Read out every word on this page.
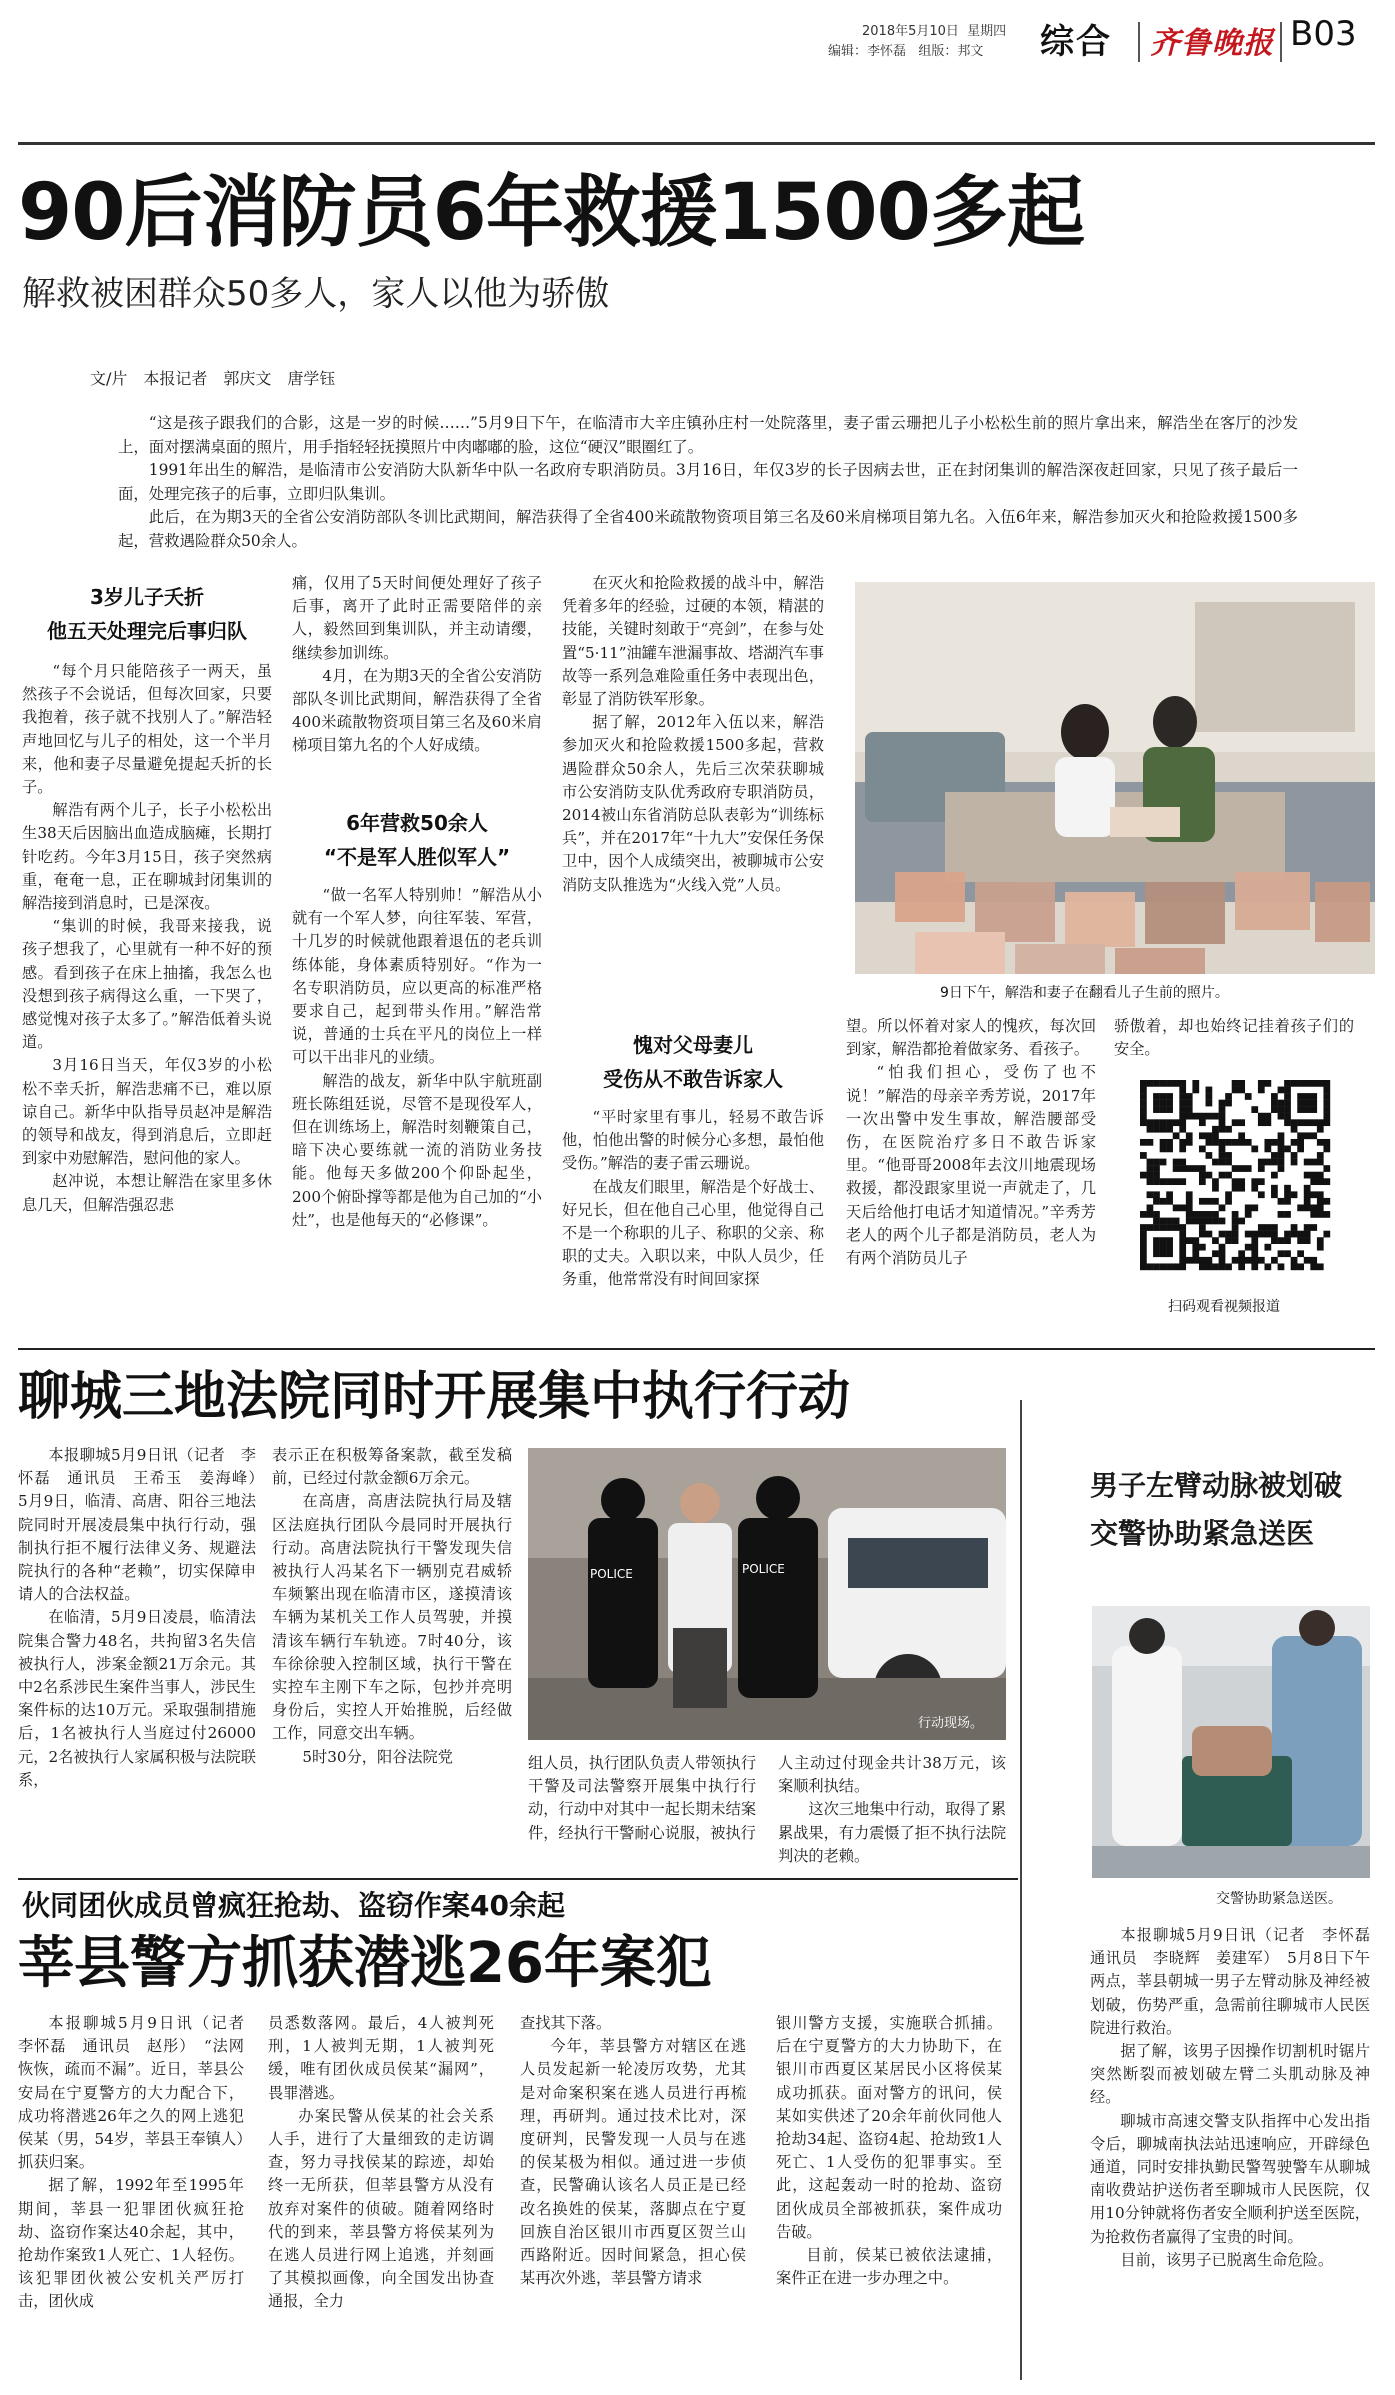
2018年5月10日 星期四
编辑：李怀磊 组版：邦文 综合 齐鲁晚报 B03
90后消防员6年救援1500多起
解救被困群众50多人，家人以他为骄傲
文/片　本报记者　郭庆文　唐学钰

“这是孩子跟我们的合影，这是一岁的时候……”5月9日下午，在临清市大辛庄镇孙庄村一处院落里，妻子雷云珊把儿子小松松生前的照片拿出来，解浩坐在客厅的沙发上，面对摆满桌面的照片，用手指轻轻抚摸照片中肉嘟嘟的脸，这位“硬汉”眼圈红了。

1991年出生的解浩，是临清市公安消防大队新华中队一名政府专职消防员。3月16日，年仅3岁的长子因病去世，正在封闭集训的解浩深夜赶回家，只见了孩子最后一面，处理完孩子的后事，立即归队集训。

此后，在为期3天的全省公安消防部队冬训比武期间，解浩获得了全省400米疏散物资项目第三名及60米肩梯项目第九名。入伍6年来，解浩参加灭火和抢险救援1500多起，营救遇险群众50余人。

3岁儿子夭折
他五天处理完后事归队

“每个月只能陪孩子一两天，虽然孩子不会说话，但每次回家，只要我抱着，孩子就不找别人了。”解浩轻声地回忆与儿子的相处，这一个半月来，他和妻子尽量避免提起夭折的长子。

解浩有两个儿子，长子小松松出生38天后因脑出血造成脑瘫，长期打针吃药。今年3月15日，孩子突然病重，奄奄一息，正在聊城封闭集训的解浩接到消息时，已是深夜。

“集训的时候，我哥来接我，说孩子想我了，心里就有一种不好的预感。看到孩子在床上抽搐，我怎么也没想到孩子病得这么重，一下哭了，感觉愧对孩子太多了。”解浩低着头说道。

3月16日当天，年仅3岁的小松松不幸夭折，解浩悲痛不已，难以原谅自己。新华中队指导员赵冲是解浩的领导和战友，得到消息后，立即赶到家中劝慰解浩，慰问他的家人。

赵冲说，本想让解浩在家里多休息几天，但解浩强忍悲

痛，仅用了5天时间便处理好了孩子后事，离开了此时正需要陪伴的亲人，毅然回到集训队，并主动请缨，继续参加训练。

4月，在为期3天的全省公安消防部队冬训比武期间，解浩获得了全省400米疏散物资项目第三名及60米肩梯项目第九名的个人好成绩。

6年营救50余人
“不是军人胜似军人”

“做一名军人特别帅！”解浩从小就有一个军人梦，向往军装、军营，十几岁的时候就他跟着退伍的老兵训练体能，身体素质特别好。“作为一名专职消防员，应以更高的标准严格要求自己，起到带头作用。”解浩常说，普通的士兵在平凡的岗位上一样可以干出非凡的业绩。

解浩的战友，新华中队宇航班副班长陈组廷说，尽管不是现役军人，但在训练场上，解浩时刻鞭策自己，暗下决心要练就一流的消防业务技能。他每天多做200个仰卧起坐，200个俯卧撑等都是他为自己加的“小灶”，也是他每天的“必修课”。

在灭火和抢险救援的战斗中，解浩凭着多年的经验，过硬的本领，精湛的技能，关键时刻敢于“亮剑”，在参与处置“5·11”油罐车泄漏事故、塔湖汽车事故等一系列急难险重任务中表现出色，彰显了消防铁军形象。

据了解，2012年入伍以来，解浩参加灭火和抢险救援1500多起，营救遇险群众50余人，先后三次荣获聊城市公安消防支队优秀政府专职消防员，2014被山东省消防总队表彰为“训练标兵”，并在2017年“十九大”安保任务保卫中，因个人成绩突出，被聊城市公安消防支队推选为“火线入党”人员。

愧对父母妻儿
受伤从不敢告诉家人

“平时家里有事儿，轻易不敢告诉他，怕他出警的时候分心多想，最怕他受伤。”解浩的妻子雷云珊说。

在战友们眼里，解浩是个好战士、好兄长，但在他自己心里，他觉得自己不是一个称职的儿子、称职的父亲、称职的丈夫。入职以来，中队人员少，任务重，他常常没有时间回家探

9日下午，解浩和妻子在翻看儿子生前的照片。

望。所以怀着对家人的愧疚，每次回到家，解浩都抢着做家务、看孩子。

“怕我们担心，受伤了也不说！”解浩的母亲辛秀芳说，2017年一次出警中发生事故，解浩腰部受伤，在医院治疗多日不敢告诉家里。“他哥哥2008年去汶川地震现场救援，都没跟家里说一声就走了，几天后给他打电话才知道情况。”辛秀芳老人的两个儿子都是消防员，老人为有两个消防员儿子

骄傲着，却也始终记挂着孩子们的安全。

扫码观看视频报道
聊城三地法院同时开展集中执行行动

本报聊城5月9日讯（记者　李怀磊　通讯员　王希玉　姜海峰）　5月9日，临清、高唐、阳谷三地法院同时开展凌晨集中执行行动，强制执行拒不履行法律义务、规避法院执行的各种“老赖”，切实保障申请人的合法权益。

在临清，5月9日凌晨，临清法院集合警力48名，共拘留3名失信被执行人，涉案金额21万余元。其中2名系涉民生案件当事人，涉民生案件标的达10万元。采取强制措施后，1名被执行人当庭过付26000元，2名被执行人家属积极与法院联系，

表示正在积极筹备案款，截至发稿前，已经过付款金额6万余元。

在高唐，高唐法院执行局及辖区法庭执行团队今晨同时开展执行行动。高唐法院执行干警发现失信被执行人冯某名下一辆别克君威轿车频繁出现在临清市区，遂摸清该车辆为某机关工作人员驾驶，并摸清该车辆行车轨迹。7时40分，该车徐徐驶入控制区域，执行干警在实控车主刚下车之际，包抄并亮明身份后，实控人开始推脱，后经做工作，同意交出车辆。

5时30分，阳谷法院党

POLICE	POLICE
行动现场。

组人员，执行团队负责人带领执行干警及司法警察开展集中执行行动，行动中对其中一起长期未结案件，经执行干警耐心说服，被执行

人主动过付现金共计38万元，该案顺利执结。

这次三地集中行动，取得了累累战果，有力震慑了拒不执行法院判决的老赖。

伙同团伙成员曾疯狂抢劫、盗窃作案40余起
莘县警方抓获潜逃26年案犯

本报聊城5月9日讯（记者　李怀磊　通讯员　赵彤）　“法网恢恢，疏而不漏”。近日，莘县公安局在宁夏警方的大力配合下，成功将潜逃26年之久的网上逃犯侯某（男，54岁，莘县王奉镇人）抓获归案。

据了解，1992年至1995年期间，莘县一犯罪团伙疯狂抢劫、盗窃作案达40余起，其中，抢劫作案致1人死亡、1人轻伤。该犯罪团伙被公安机关严厉打击，团伙成

员悉数落网。最后，4人被判死刑，1人被判无期，1人被判死缓，唯有团伙成员侯某“漏网”，畏罪潜逃。

办案民警从侯某的社会关系人手，进行了大量细致的走访调查，努力寻找侯某的踪迹，却始终一无所获，但莘县警方从没有放弃对案件的侦破。随着网络时代的到来，莘县警方将侯某列为在逃人员进行网上追逃，并刻画了其模拟画像，向全国发出协查通报，全力

查找其下落。

今年，莘县警方对辖区在逃人员发起新一轮凌厉攻势，尤其是对命案积案在逃人员进行再梳理，再研判。通过技术比对，深度研判，民警发现一人员与在逃的侯某极为相似。通过进一步侦查，民警确认该名人员正是已经改名换姓的侯某，落脚点在宁夏回族自治区银川市西夏区贺兰山西路附近。因时间紧急，担心侯某再次外逃，莘县警方请求

银川警方支援，实施联合抓捕。后在宁夏警方的大力协助下，在银川市西夏区某居民小区将侯某成功抓获。面对警方的讯问，侯某如实供述了20余年前伙同他人抢劫34起、盗窃4起、抢劫致1人死亡、1人受伤的犯罪事实。至此，这起轰动一时的抢劫、盗窃团伙成员全部被抓获，案件成功告破。

目前，侯某已被依法逮捕，案件正在进一步办理之中。

男子左臂动脉被划破
交警协助紧急送医
交警协助紧急送医。

本报聊城5月9日讯（记者　李怀磊　通讯员　李晓辉　姜建军）　5月8日下午两点，莘县朝城一男子左臂动脉及神经被划破，伤势严重，急需前往聊城市人民医院进行救治。

据了解，该男子因操作切割机时锯片突然断裂而被划破左臂二头肌动脉及神经。

聊城市高速交警支队指挥中心发出指令后，聊城南执法站迅速响应，开辟绿色通道，同时安排执勤民警驾驶警车从聊城南收费站护送伤者至聊城市人民医院，仅用10分钟就将伤者安全顺利护送至医院，为抢救伤者赢得了宝贵的时间。

目前，该男子已脱离生命危险。
